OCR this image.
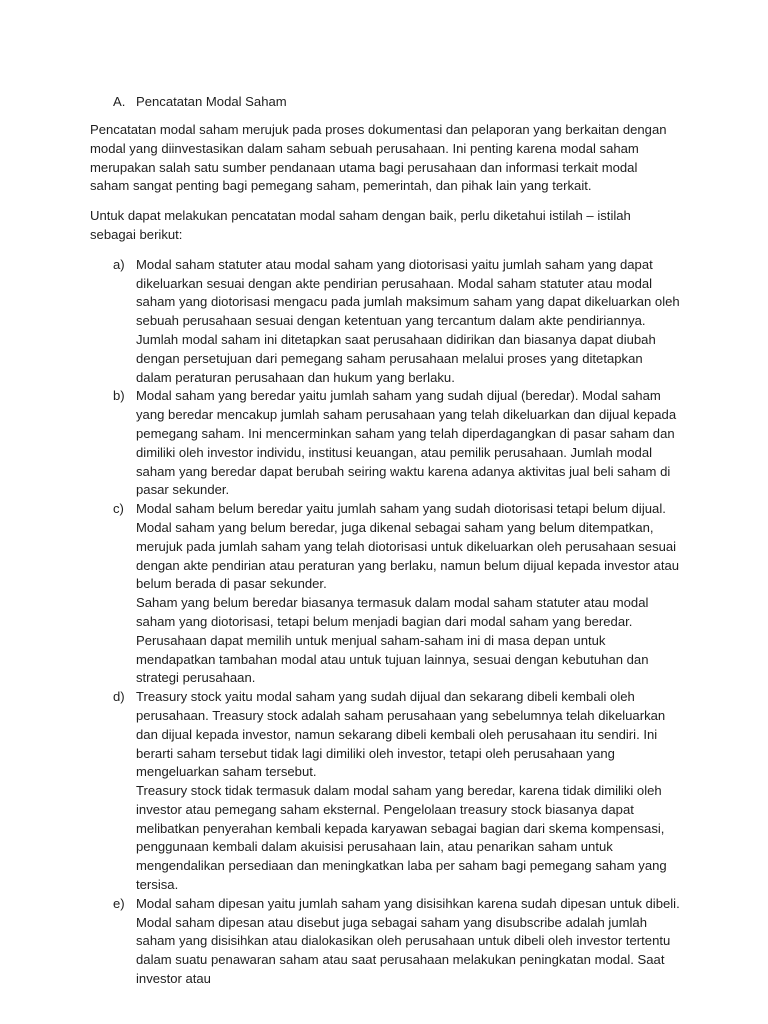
A. Pencatatan Modal Saham

Pencatatan modal saham merujuk pada proses dokumentasi dan pelaporan yang berkaitan dengan modal yang diinvestasikan dalam saham sebuah perusahaan. Ini penting karena modal saham merupakan salah satu sumber pendanaan utama bagi perusahaan dan informasi terkait modal saham sangat penting bagi pemegang saham, pemerintah, dan pihak lain yang terkait.

Untuk dapat melakukan pencatatan modal saham dengan baik, perlu diketahui istilah – istilah sebagai berikut:

a) Modal saham statuter atau modal saham yang diotorisasi yaitu jumlah saham yang dapat dikeluarkan sesuai dengan akte pendirian perusahaan. Modal saham statuter atau modal saham yang diotorisasi mengacu pada jumlah maksimum saham yang dapat dikeluarkan oleh sebuah perusahaan sesuai dengan ketentuan yang tercantum dalam akte pendiriannya. Jumlah modal saham ini ditetapkan saat perusahaan didirikan dan biasanya dapat diubah dengan persetujuan dari pemegang saham perusahaan melalui proses yang ditetapkan dalam peraturan perusahaan dan hukum yang berlaku.
b) Modal saham yang beredar yaitu jumlah saham yang sudah dijual (beredar). Modal saham yang beredar mencakup jumlah saham perusahaan yang telah dikeluarkan dan dijual kepada pemegang saham. Ini mencerminkan saham yang telah diperdagangkan di pasar saham dan dimiliki oleh investor individu, institusi keuangan, atau pemilik perusahaan. Jumlah modal saham yang beredar dapat berubah seiring waktu karena adanya aktivitas jual beli saham di pasar sekunder.
c) Modal saham belum beredar yaitu jumlah saham yang sudah diotorisasi tetapi belum dijual. Modal saham yang belum beredar, juga dikenal sebagai saham yang belum ditempatkan, merujuk pada jumlah saham yang telah diotorisasi untuk dikeluarkan oleh perusahaan sesuai dengan akte pendirian atau peraturan yang berlaku, namun belum dijual kepada investor atau belum berada di pasar sekunder.
Saham yang belum beredar biasanya termasuk dalam modal saham statuter atau modal saham yang diotorisasi, tetapi belum menjadi bagian dari modal saham yang beredar. Perusahaan dapat memilih untuk menjual saham-saham ini di masa depan untuk mendapatkan tambahan modal atau untuk tujuan lainnya, sesuai dengan kebutuhan dan strategi perusahaan.
d) Treasury stock yaitu modal saham yang sudah dijual dan sekarang dibeli kembali oleh perusahaan. Treasury stock adalah saham perusahaan yang sebelumnya telah dikeluarkan dan dijual kepada investor, namun sekarang dibeli kembali oleh perusahaan itu sendiri. Ini berarti saham tersebut tidak lagi dimiliki oleh investor, tetapi oleh perusahaan yang mengeluarkan saham tersebut.
Treasury stock tidak termasuk dalam modal saham yang beredar, karena tidak dimiliki oleh investor atau pemegang saham eksternal. Pengelolaan treasury stock biasanya dapat melibatkan penyerahan kembali kepada karyawan sebagai bagian dari skema kompensasi, penggunaan kembali dalam akuisisi perusahaan lain, atau penarikan saham untuk mengendalikan persediaan dan meningkatkan laba per saham bagi pemegang saham yang tersisa.
e) Modal saham dipesan yaitu jumlah saham yang disisihkan karena sudah dipesan untuk dibeli. Modal saham dipesan atau disebut juga sebagai saham yang disubscribe adalah jumlah saham yang disisihkan atau dialokasikan oleh perusahaan untuk dibeli oleh investor tertentu dalam suatu penawaran saham atau saat perusahaan melakukan peningkatan modal. Saat investor atau
